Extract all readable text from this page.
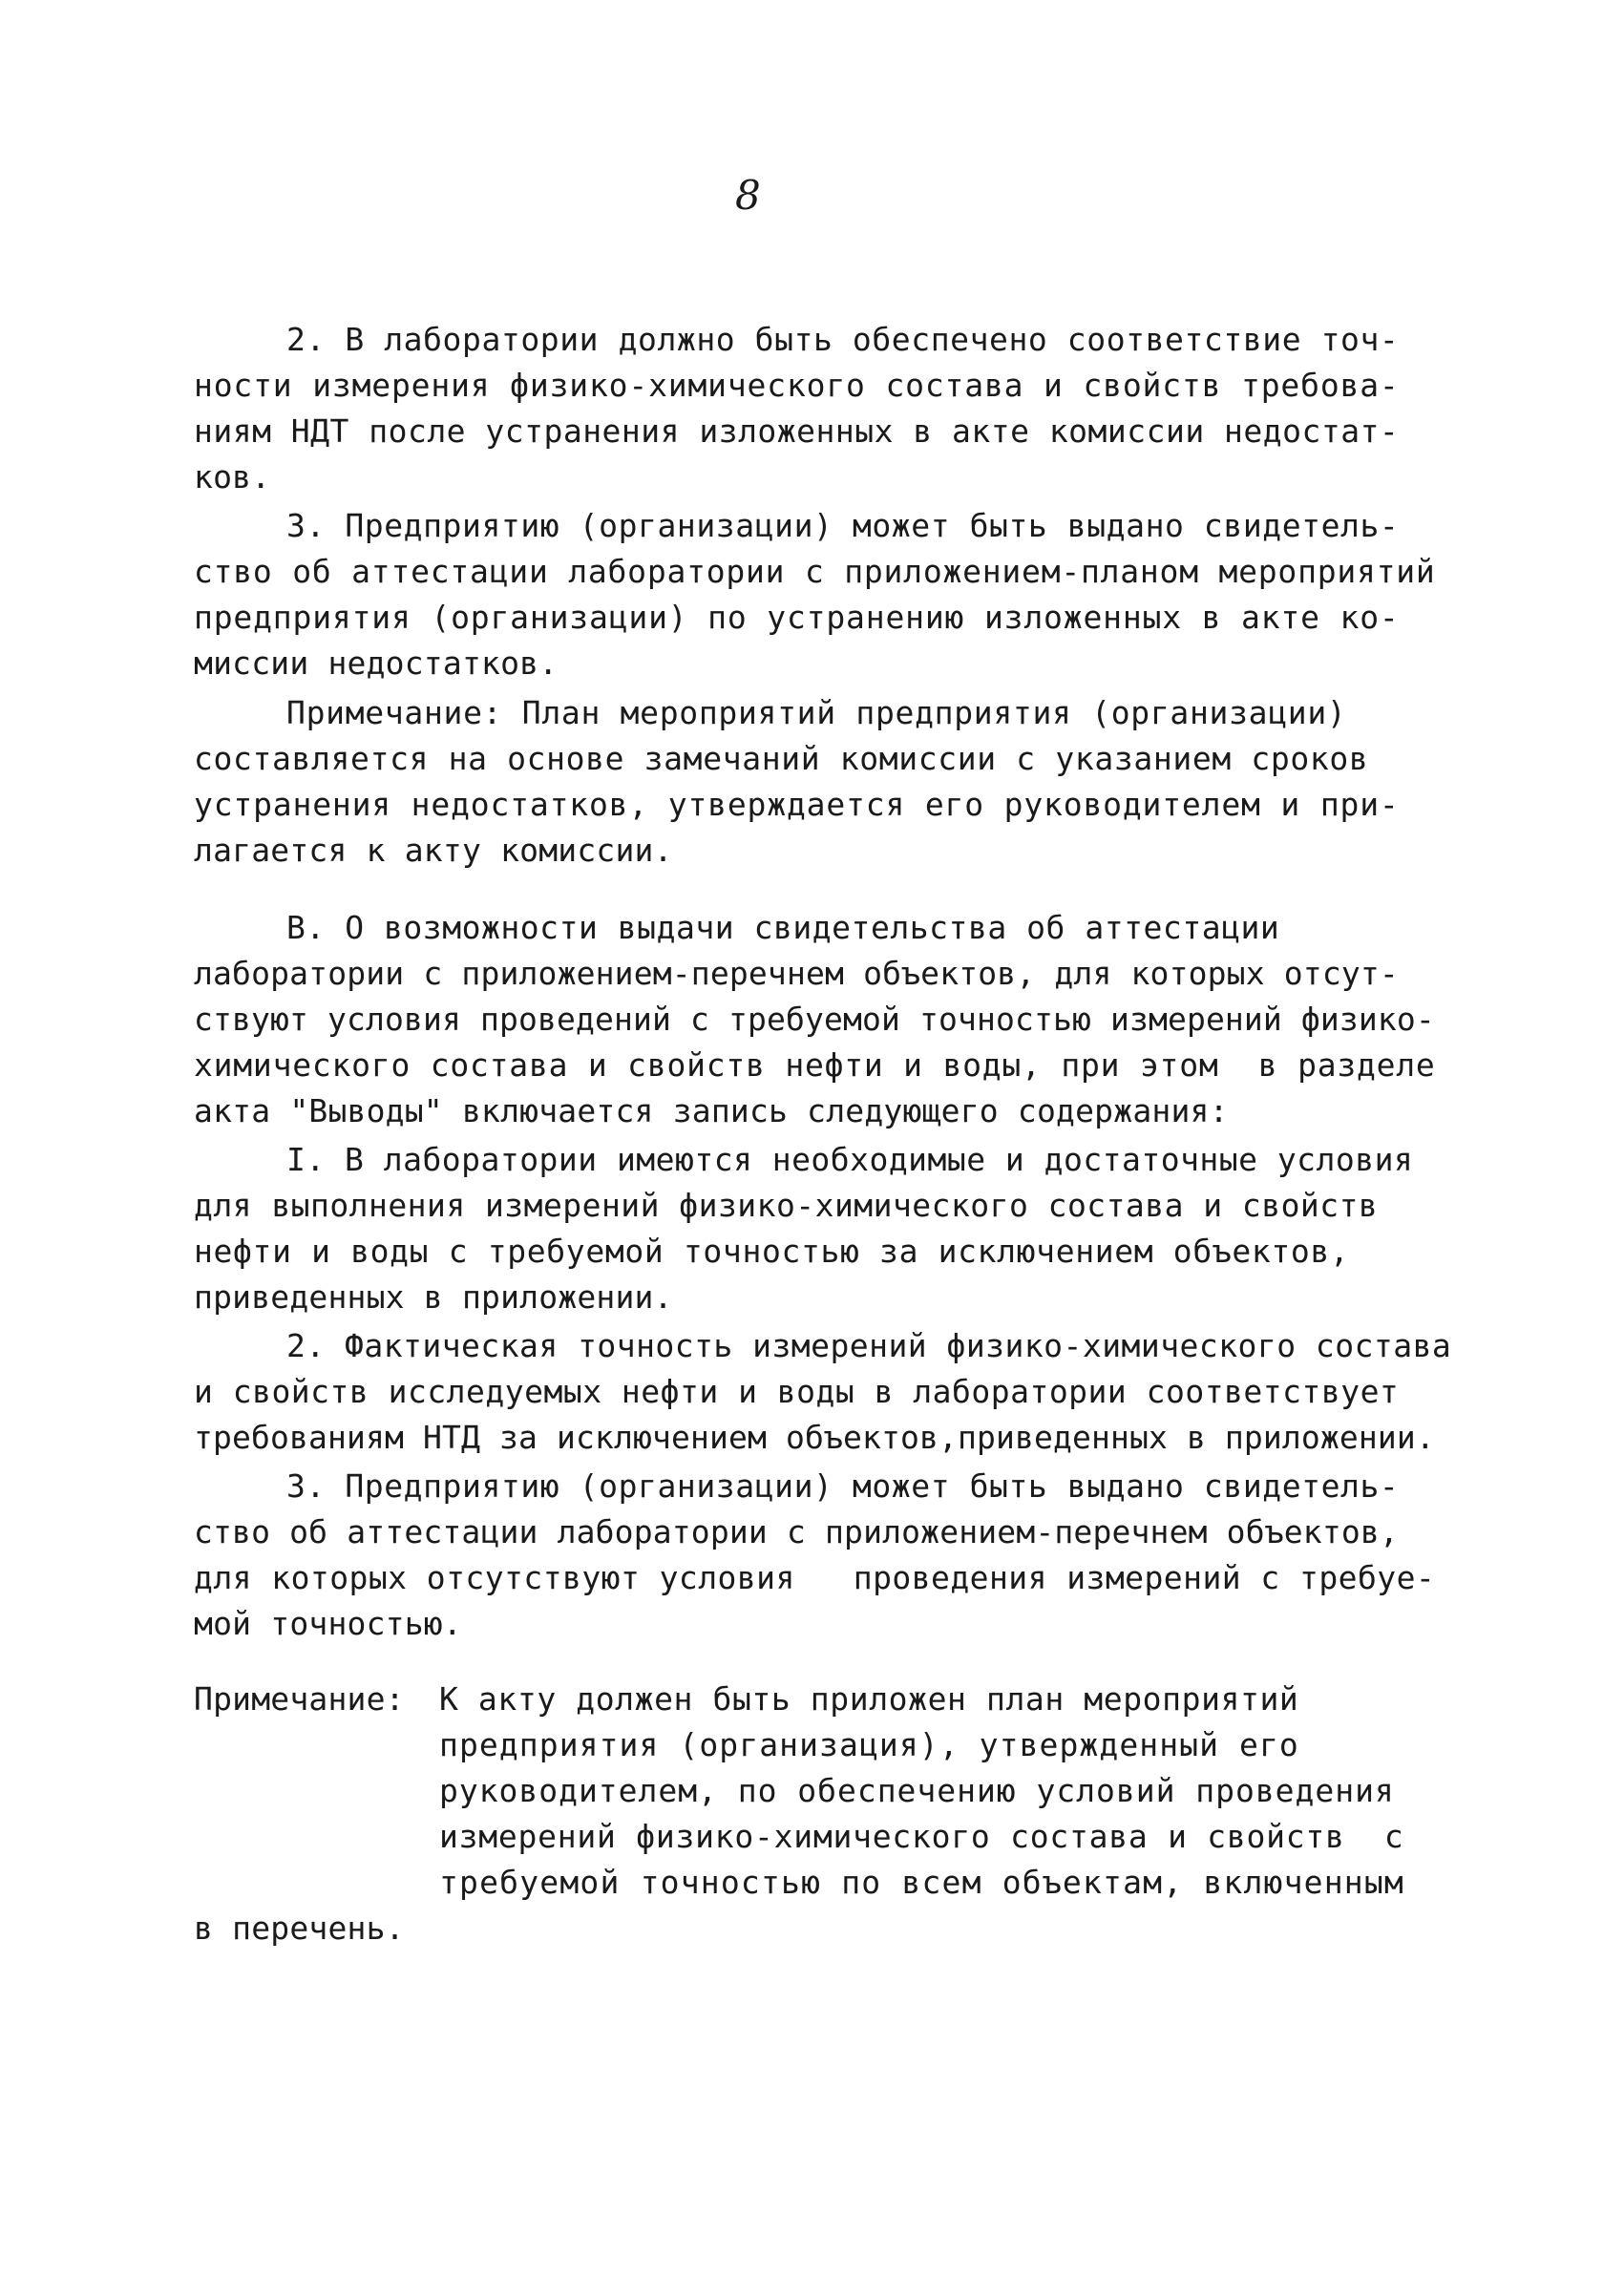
8
2. В лаборатории должно быть обеспечено соответствие точ-
ности измерения физико-химического состава и свойств требова-
ниям НДТ после устранения изложенных в акте комиссии недостат-
ков.
3. Предприятию (организации) может быть выдано свидетель-
ство об аттестации лаборатории с приложением-планом мероприятий
предприятия (организации) по устранению изложенных в акте ко-
миссии недостатков.
Примечание: План мероприятий предприятия (организации)
составляется на основе замечаний комиссии с указанием сроков
устранения недостатков, утверждается его руководителем и при-
лагается к акту комиссии.
В. О возможности выдачи свидетельства об аттестации
лаборатории с приложением-перечнем объектов, для которых отсут-
ствуют условия проведений с требуемой точностью измерений физико-
химического состава и свойств нефти и воды, при этом  в разделе
акта "Выводы" включается запись следующего содержания:
I. В лаборатории имеются необходимые и достаточные условия
для выполнения измерений физико-химического состава и свойств
нефти и воды с требуемой точностью за исключением объектов,
приведенных в приложении.
2. Фактическая точность измерений физико-химического состава
и свойств исследуемых нефти и воды в лаборатории соответствует
требованиям НТД за исключением объектов,приведенных в приложении.
3. Предприятию (организации) может быть выдано свидетель-
ство об аттестации лаборатории с приложением-перечнем объектов,
для которых отсутствуют условия   проведения измерений с требуе-
мой точностью.
Примечание: К акту должен быть приложен план мероприятий
предприятия (организация), утвержденный его
руководителем, по обеспечению условий проведения
измерений физико-химического состава и свойств  с
требуемой точностью по всем объектам, включенным
в перечень.
